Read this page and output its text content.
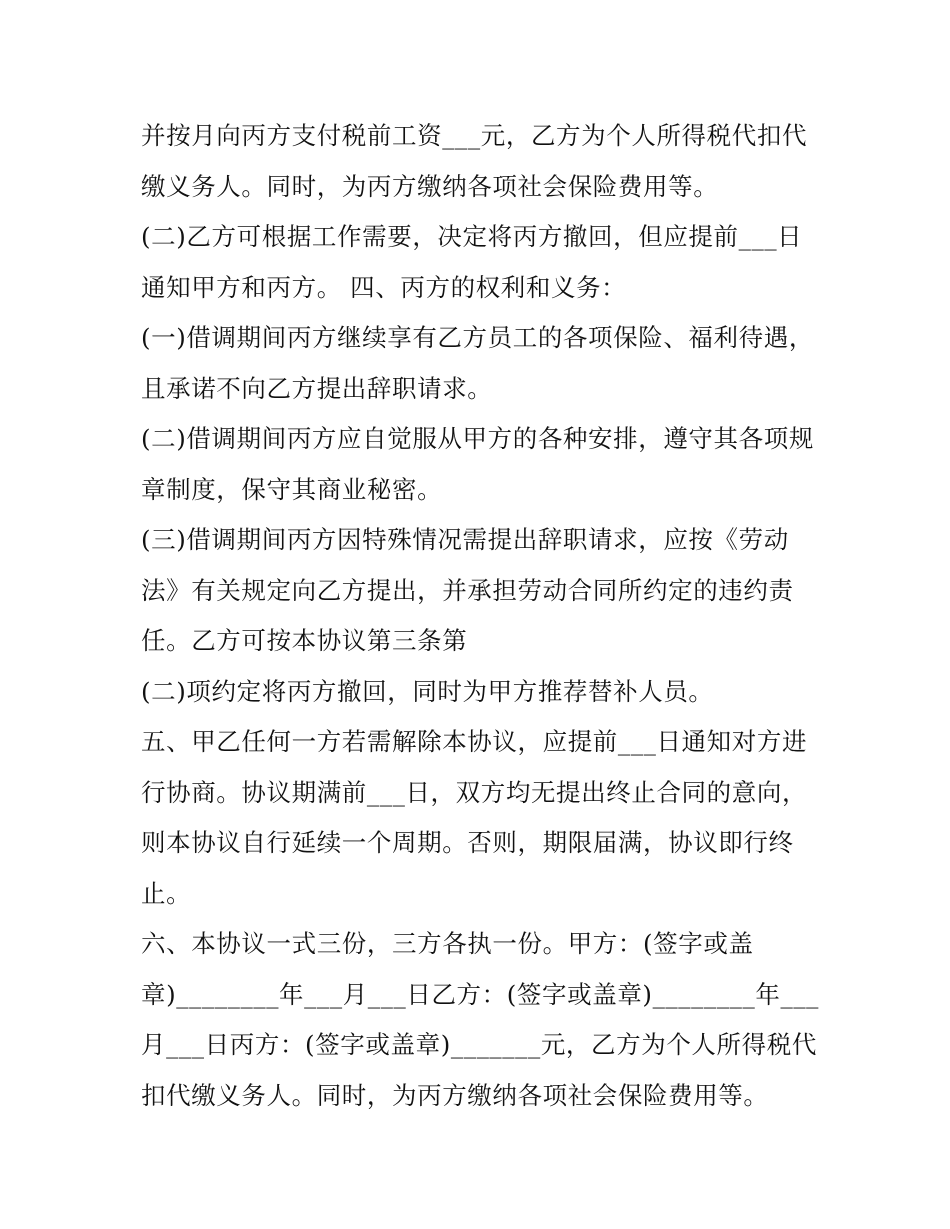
并按月向丙方支付税前工资___元，乙方为个人所得税代扣代
缴义务人。同时，为丙方缴纳各项社会保险费用等。
(二)乙方可根据工作需要，决定将丙方撤回，但应提前___日
通知甲方和丙方。 四、丙方的权利和义务：
(一)借调期间丙方继续享有乙方员工的各项保险、福利待遇，
且承诺不向乙方提出辞职请求。
(二)借调期间丙方应自觉服从甲方的各种安排，遵守其各项规
章制度，保守其商业秘密。
(三)借调期间丙方因特殊情况需提出辞职请求，应按《劳动
法》有关规定向乙方提出，并承担劳动合同所约定的违约责
任。乙方可按本协议第三条第
(二)项约定将丙方撤回，同时为甲方推荐替补人员。
五、甲乙任何一方若需解除本协议，应提前___日通知对方进
行协商。协议期满前___日，双方均无提出终止合同的意向，
则本协议自行延续一个周期。否则，期限届满，协议即行终
止。
六、本协议一式三份，三方各执一份。甲方：(签字或盖
章)________年___月___日乙方：(签字或盖章)________年___
月___日丙方：(签字或盖章)_______元，乙方为个人所得税代
扣代缴义务人。同时，为丙方缴纳各项社会保险费用等。
